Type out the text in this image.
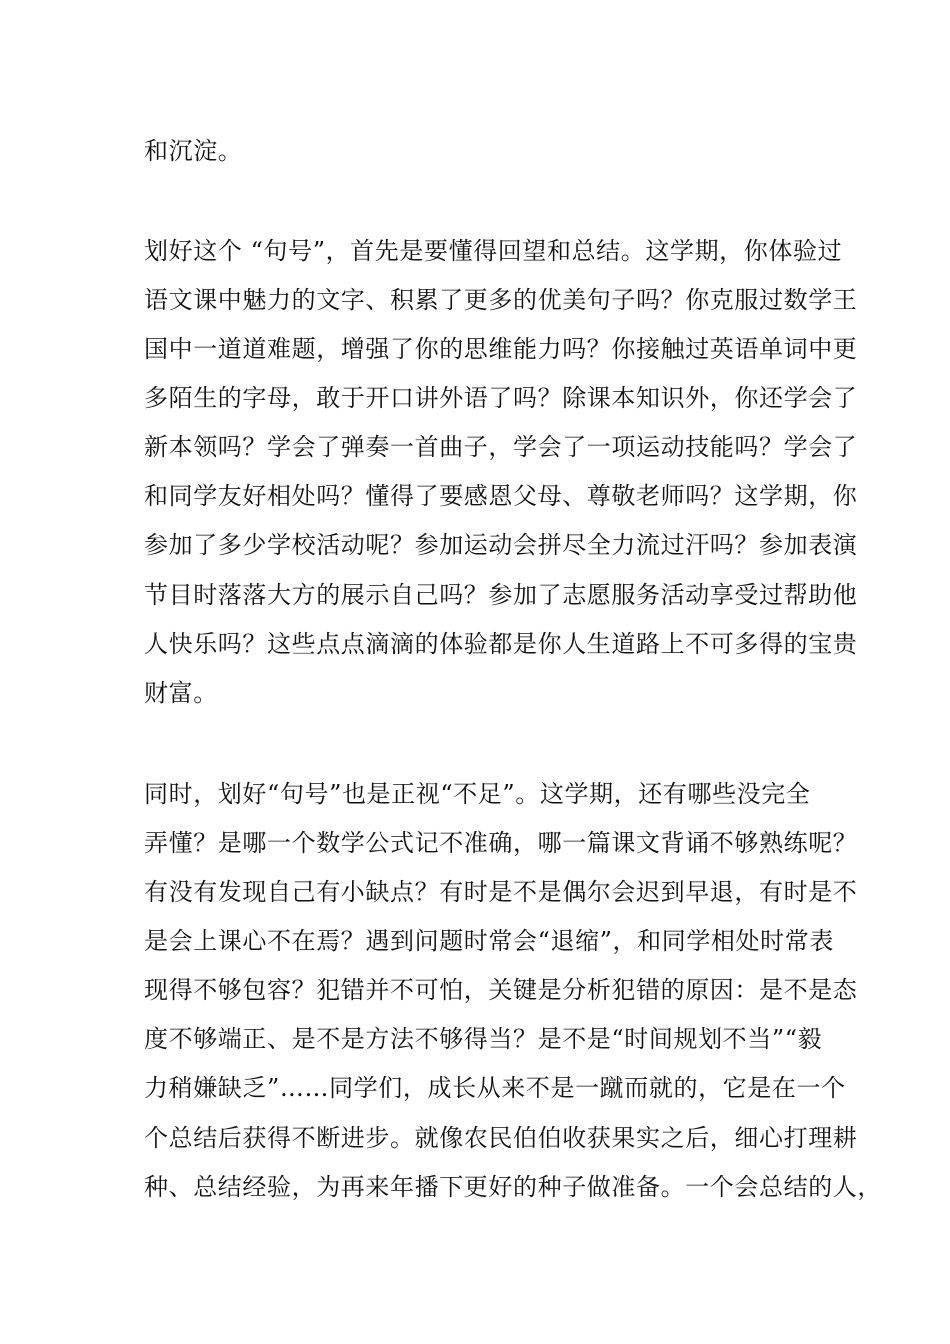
和沉淀。

划好这个 “句号”，首先是要懂得回望和总结。这学期，你体验过

语文课中魅力的文字、积累了更多的优美句子吗？你克服过数学王

国中一道道难题，增强了你的思维能力吗？你接触过英语单词中更

多陌生的字母，敢于开口讲外语了吗？除课本知识外，你还学会了

新本领吗？学会了弹奏一首曲子，学会了一项运动技能吗？学会了

和同学友好相处吗？懂得了要感恩父母、尊敬老师吗？这学期，你

参加了多少学校活动呢？参加运动会拼尽全力流过汗吗？参加表演

节目时落落大方的展示自己吗？参加了志愿服务活动享受过帮助他

人快乐吗？这些点点滴滴的体验都是你人生道路上不可多得的宝贵

财富。

同时，划好“句号”也是正视“不足”。这学期，还有哪些没完全

弄懂？是哪一个数学公式记不准确，哪一篇课文背诵不够熟练呢？

有没有发现自己有小缺点？有时是不是偶尔会迟到早退，有时是不

是会上课心不在焉？遇到问题时常会“退缩”，和同学相处时常表

现得不够包容？犯错并不可怕，关键是分析犯错的原因：是不是态

度不够端正、是不是方法不够得当？是不是“时间规划不当”“毅

力稍嫌缺乏”……同学们，成长从来不是一蹴而就的，它是在一个

个总结后获得不断进步。就像农民伯伯收获果实之后，细心打理耕

种、总结经验，为再来年播下更好的种子做准备。一个会总结的人，
